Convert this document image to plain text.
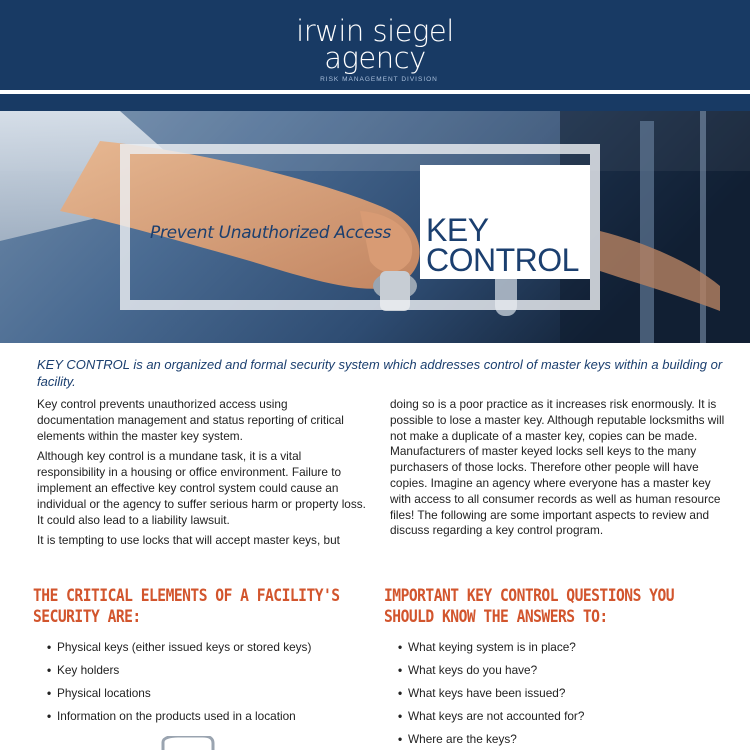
irwin siegel
agency
RISK MANAGEMENT DIVISION
KEY
CONTROL
Prevent Unauthorized Access
KEY CONTROL is an organized and formal security system which addresses control of master keys within a building or facility.

Key control prevents unauthorized access using documentation management and status reporting of critical elements within the master key system.

Although key control is a mundane task, it is a vital responsibility in a housing or office environment. Failure to implement an effective key control system could cause an individual or the agency to suffer serious harm or property loss. It could also lead to a liability lawsuit.

It is tempting to use locks that will accept master keys, but

doing so is a poor practice as it increases risk enormously. It is possible to lose a master key. Although reputable locksmiths will not make a duplicate of a master key, copies can be made. Manufacturers of master keyed locks sell keys to the many purchasers of those locks. Therefore other people will have copies. Imagine an agency where everyone has a master key with access to all consumer records as well as human resource files! The following are some important aspects to review and discuss regarding a key control program.

THE CRITICAL ELEMENTS OF A FACILITY'S SECURITY ARE:
IMPORTANT KEY CONTROL QUESTIONS YOU SHOULD KNOW THE ANSWERS TO:
• Physical keys (either issued keys or stored keys)
• Key holders
• Physical locations
• Information on the products used in a location
• What keying system is in place?
• What keys do you have?
• What keys have been issued?
• What keys are not accounted for?
• Where are the keys?
